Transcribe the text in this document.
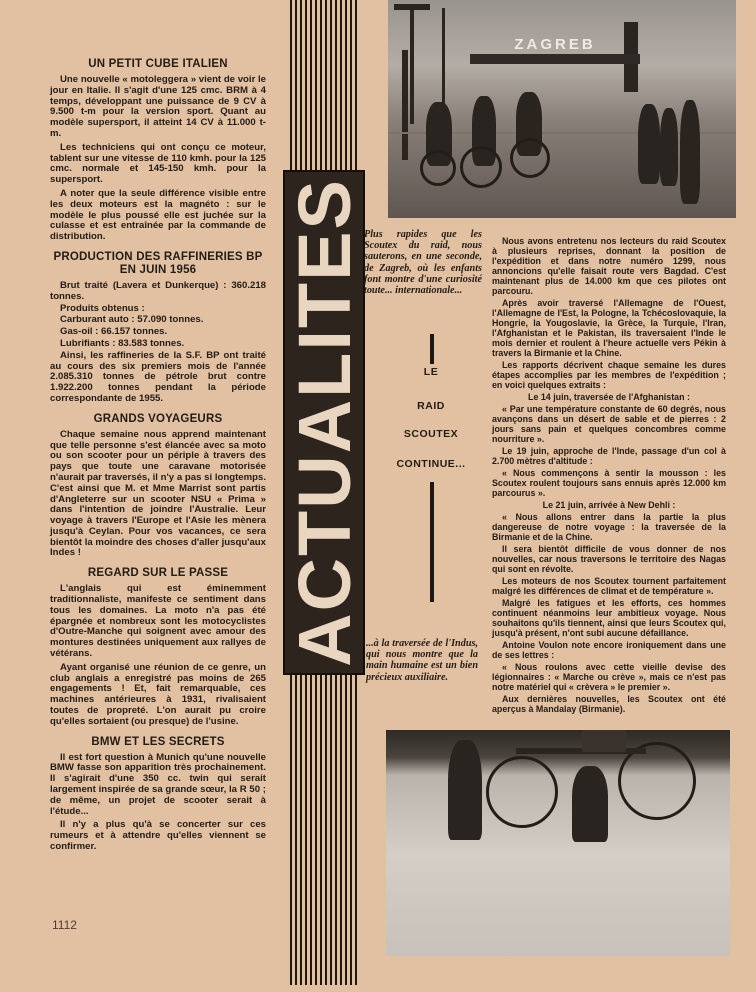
UN PETIT CUBE ITALIEN

Une nouvelle « motoleggera » vient de voir le jour en Italie. Il s'agit d'une 125 cmc. BRM à 4 temps, développant une puissance de 9 CV à 9.500 t-m pour la version sport. Quant au modèle supersport, il atteint 14 CV à 11.000 t-m.

Les techniciens qui ont conçu ce moteur, tablent sur une vitesse de 110 kmh. pour la 125 cmc. normale et 145-150 kmh. pour la supersport.

A noter que la seule différence visible entre les deux moteurs est la magnéto : sur le modèle le plus poussé elle est juchée sur la culasse et est entraînée par la commande de distribution.

PRODUCTION DES RAFFINERIES BP EN JUIN 1956

Brut traité (Lavera et Dunkerque) : 360.218 tonnes.

Produits obtenus :

Carburant auto : 57.090 tonnes.

Gas-oil : 66.157 tonnes.

Lubrifiants : 83.583 tonnes.

Ainsi, les raffineries de la S.F. BP ont traité au cours des six premiers mois de l'année 2.085.310 tonnes de pétrole brut contre 1.922.200 tonnes pendant la période correspondante de 1955.

GRANDS VOYAGEURS

Chaque semaine nous apprend maintenant que telle personne s'est élancée avec sa moto ou son scooter pour un périple à travers des pays que toute une caravane motorisée n'aurait par traversés, il n'y a pas si longtemps. C'est ainsi que M. et Mme Marrist sont partis d'Angleterre sur un scooter NSU « Prima » dans l'intention de joindre l'Australie. Leur voyage à travers l'Europe et l'Asie les mènera jusqu'à Ceylan. Pour vos vacances, ce sera bientôt la moindre des choses d'aller jusqu'aux Indes !

REGARD SUR LE PASSE

L'anglais qui est éminemment traditionnaliste, manifeste ce sentiment dans tous les domaines. La moto n'a pas été épargnée et nombreux sont les motocyclistes d'Outre-Manche qui soignent avec amour des montures destinées uniquement aux rallyes de vétérans.

Ayant organisé une réunion de ce genre, un club anglais a enregistré pas moins de 265 engagements ! Et, fait remarquable, ces machines antérieures à 1931, rivalisaient toutes de propreté. L'on aurait pu croire qu'elles sortaient (ou presque) de l'usine.

BMW ET LES SECRETS

Il est fort question à Munich qu'une nouvelle BMW fasse son apparition très prochainement. Il s'agirait d'une 350 cc. twin qui serait largement inspirée de sa grande sœur, la R 50 ; de même, un projet de scooter serait à l'étude...

Il n'y a plus qu'à se concerter sur ces rumeurs et à attendre qu'elles viennent se confirmer.

1112
ACTUALITES
ZAGREB
Plus rapides que les Scoutex du raid, nous sauterons, en une seconde, de Zagreb, où les enfants font montre d'une curiosité toute... internationale...
LE
RAID
SCOUTEX
CONTINUE...
...à la traversée de l'Indus, qui nous montre que la main humaine est un bien précieux auxiliaire.

Nous avons entretenu nos lecteurs du raid Scoutex à plusieurs reprises, donnant la position de l'expédition et dans notre numéro 1299, nous annoncions qu'elle faisait route vers Bagdad. C'est maintenant plus de 14.000 km que ces pilotes ont parcouru.

Après avoir traversé l'Allemagne de l'Ouest, l'Allemagne de l'Est, la Pologne, la Tchécoslovaquie, la Hongrie, la Yougoslavie, la Grèce, la Turquie, l'Iran, l'Afghanistan et le Pakistan, ils traversaient l'Inde le mois dernier et roulent à l'heure actuelle vers Pékin à travers la Birmanie et la Chine.

Les rapports décrivent chaque semaine les dures étapes accomplies par les membres de l'expédition ; en voici quelques extraits :

Le 14 juin, traversée de l'Afghanistan :

« Par une température constante de 60 degrés, nous avançons dans un désert de sable et de pierres : 2 jours sans pain et quelques concombres comme nourriture ».

Le 19 juin, approche de l'Inde, passage d'un col à 2.700 mètres d'altitude :

« Nous commençons à sentir la mousson : les Scoutex roulent toujours sans ennuis après 12.000 km parcourus ».

Le 21 juin, arrivée à New Dehli :

« Nous allons entrer dans la partie la plus dangereuse de notre voyage : la traversée de la Birmanie et de la Chine.

Il sera bientôt difficile de vous donner de nos nouvelles, car nous traversons le territoire des Nagas qui sont en révolte.

Les moteurs de nos Scoutex tournent parfaitement malgré les différences de climat et de température ».

Malgré les fatigues et les efforts, ces hommes continuent néanmoins leur ambitieux voyage. Nous souhaitons qu'ils tiennent, ainsi que leurs Scoutex qui, jusqu'à présent, n'ont subi aucune défaillance.

Antoine Voulon note encore ironiquement dans une de ses lettres :

« Nous roulons avec cette vieille devise des légionnaires : « Marche ou crève », mais ce n'est pas notre matériel qui « crèvera » le premier ».

Aux dernières nouvelles, les Scoutex ont été aperçus à Mandalay (Birmanie).
